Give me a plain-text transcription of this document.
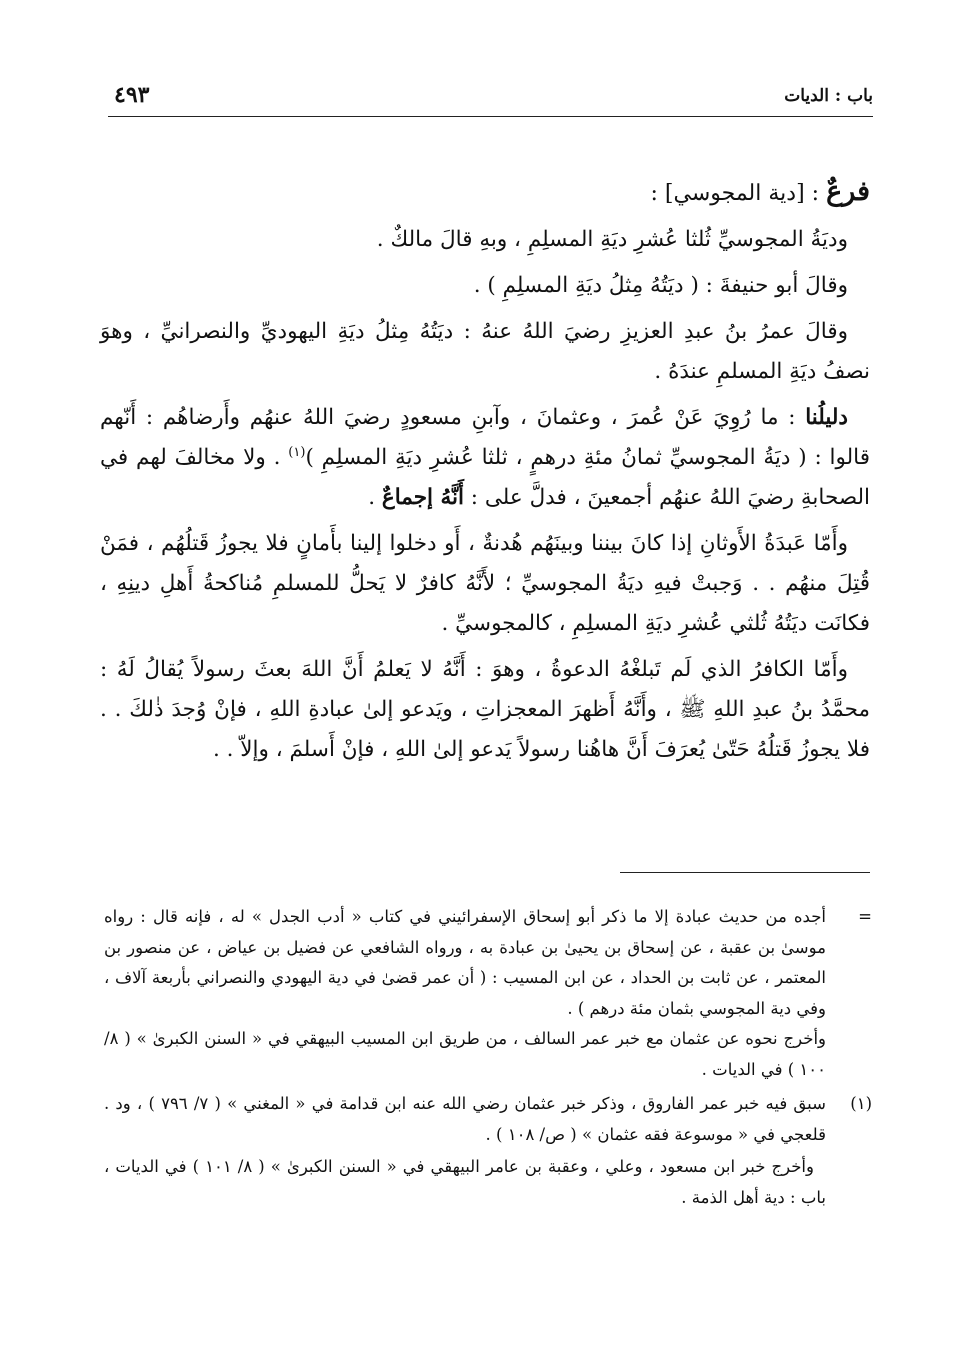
باب : الديات
٤٩٣

فرعٌ : [دية المجوسي] :

وديَةُ المجوسيِّ ثُلثا عُشرِ ديَةِ المسلِمِ ، وبهِ قالَ مالكٌ .

وقالَ أبو حنيفةَ : ( ديَتُهُ مِثلُ ديَةِ المسلِمِ ) .

وقالَ عمرُ بنُ عبدِ العزيزِ رضيَ اللهُ عنهُ : ديَتُهُ مِثلُ ديَةِ اليهوديِّ والنصرانيِّ ، وهوَ نصفُ ديَةِ المسلمِ عندَهُ .

دليلُنا : ما رُوِيَ عَنْ عُمرَ ، وعثمانَ ، وآبنِ مسعودٍ رضيَ اللهُ عنهُم وأَرضاهُم : أَنّهم قالوا : ( ديَةُ المجوسيِّ ثمانُ مئةِ درهمٍ ، ثلثا عُشرِ ديَةِ المسلِمِ )$^{(١)}$ . ولا مخالفَ لهم في الصحابةِ رضيَ اللهُ عنهُم أجمعينَ ، فدلَّ على : أَنَّهُ إجماعٌ .

وأَمّا عَبدَةُ الأَوثانِ إذا كانَ بيننا وبينَهُم هُدنةٌ ، أَو دخلوا إلينا بأَمانٍ فلا يجوزُ قَتلُهُم ، فمَنْ قُتِلَ منهُم . . وَجبتْ فيهِ ديَةُ المجوسيِّ ؛ لأَنَّهُ كافرٌ لا يَحلُّ للمسلمِ مُناكحةُ أَهلِ دينِهِ ، فكانَت ديَتُهُ ثُلثي عُشرِ ديَةِ المسلِمِ ، كالمجوسيِّ .

وأَمّا الكافرُ الذي لَم تَبلغْهُ الدعوةُ ، وهوَ : أَنَّهُ لا يَعلمُ أَنَّ اللهَ بعثَ رسولاً يُقالُ لَهُ : محمَّدُ بنُ عبدِ اللهِ ﷺ ، وأَنَّهُ أَظهرَ المعجزاتِ ، ويَدعو إلىٰ عبادةِ اللهِ ، فإنْ وُجدَ ذٰلكَ . . فلا يجوزُ قَتلُهُ حَتّىٰ يُعرَفَ أَنَّ هاهُنا رسولاً يَدعو إلىٰ اللهِ ، فإنْ أَسلمَ ، وإلاّ . .

=

أجده من حديث عبادة إلا ما ذكر أبو إسحاق الإسفرائيني في كتاب « أدب الجدل » له ، فإنه قال : رواه موسىٰ بن عقبة ، عن إسحاق بن يحيىٰ بن عبادة به ، ورواه الشافعي عن فضيل بن عياض ، عن منصور بن المعتمر ، عن ثابت بن الحداد ، عن ابن المسيب : ( أن عمر قضىٰ في دية اليهودي والنصراني بأربعة آلاف ، وفي دية المجوسي بثمان مئة درهم ) .

وأخرج نحوه عن عثمان مع خبر عمر السالف ، من طريق ابن المسيب البيهقي في « السنن الكبرىٰ » ( ٨/ ١٠٠ ) في الديات .

(١)

سبق فيه خبر عمر الفاروق ، وذكر خبر عثمان رضي الله عنه ابن قدامة في « المغني » ( ٧/ ٧٩٦ ) ، ود . قلعجي في « موسوعة فقه عثمان » ( ص/ ١٠٨ ) .

وأخرج خبر ابن مسعود ، وعلي ، وعقبة بن عامر البيهقي في « السنن الكبرىٰ » ( ٨/ ١٠١ ) في الديات ، باب : دية أهل الذمة .
